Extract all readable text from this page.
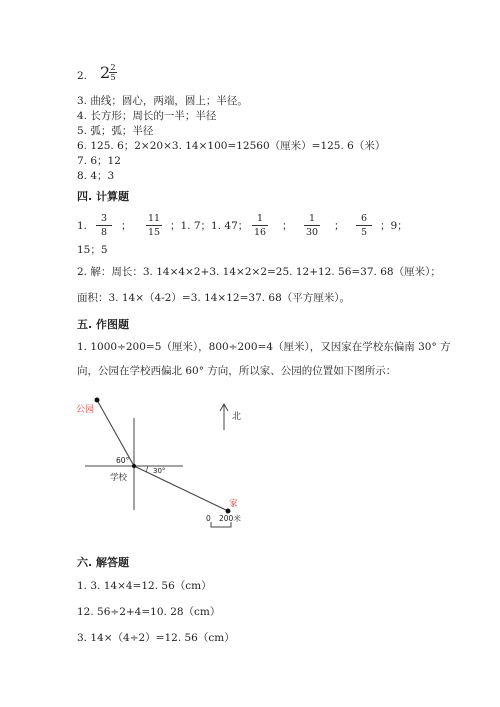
2. 2 2
5
3. 曲线；圆心，两端，圆上；半径。
4. 长方形；周长的一半；半径
5. 弧；弧；半径
6. 125. 6；2×20×3. 14×100=12560（厘米）=125. 6（米）
7. 6；12
8. 4；3
四. 计算题
1.
3
8
；
11
15
；1. 7；1. 47；
1
16
；
1
30
；
6
5
；9；
15；5
2. 解：周长：3. 14×4×2+3. 14×2×2=25. 12+12. 56=37. 68（厘米）；
面积：3. 14×（4-2）=3. 14×12=37. 68（平方厘米）。
五. 作图题
1. 1000÷200=5（厘米），800÷200=4（厘米），又因家在学校东偏南 30° 方
向，公园在学校西偏北 60° 方向，所以家、公园的位置如下图所示：
公园
学校
家
北
60°
30°
0 200米
六. 解答题
1. 3. 14×4=12. 56（cm）
12. 56÷2+4=10. 28（cm）
3. 14×（4÷2）=12. 56（cm）
